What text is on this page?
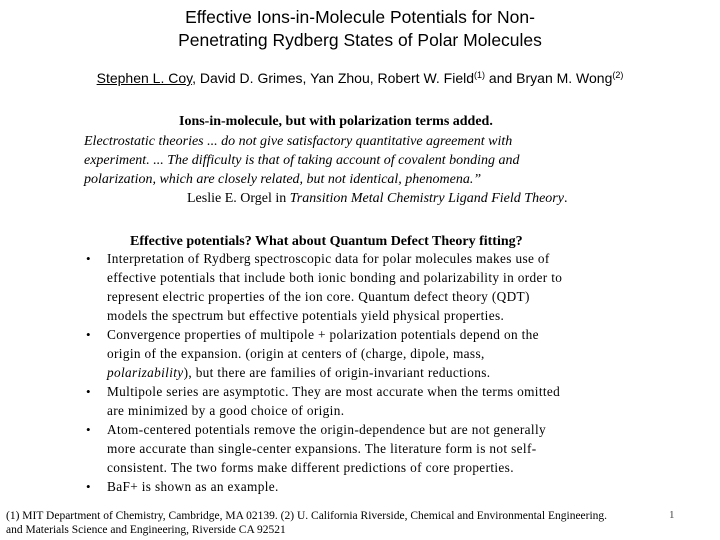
Effective Ions-in-Molecule Potentials for Non-
Penetrating Rydberg States of Polar Molecules
Stephen L. Coy, David D. Grimes, Yan Zhou, Robert W. Field$^{(1)}$ and Bryan M. Wong$^{(2)}$
Ions-in-molecule, but with polarization terms added.
Electrostatic theories ... do not give satisfactory quantitative agreement with
experiment. ... The difficulty is that of taking account of covalent bonding and
polarization, which are closely related, but not identical, phenomena.”
Leslie E. Orgel in Transition Metal Chemistry Ligand Field Theory.
Effective potentials? What about Quantum Defect Theory fitting?
• Interpretation of Rydberg spectroscopic data for polar molecules makes use of
effective potentials that include both ionic bonding and polarizability in order to
represent electric properties of the ion core. Quantum defect theory (QDT)
models the spectrum but effective potentials yield physical properties.
• Convergence properties of multipole + polarization potentials depend on the
origin of the expansion. (origin at centers of (charge, dipole, mass,
polarizability), but there are families of origin-invariant reductions.
• Multipole series are asymptotic. They are most accurate when the terms omitted
are minimized by a good choice of origin.
• Atom-centered potentials remove the origin-dependence but are not generally
more accurate than single-center expansions. The literature form is not self-
consistent. The two forms make different predictions of core properties.
• BaF+ is shown as an example.
(1) MIT Department of Chemistry, Cambridge, MA 02139. (2) U. California Riverside, Chemical and Environmental Engineering.
and Materials Science and Engineering, Riverside CA 92521
1
